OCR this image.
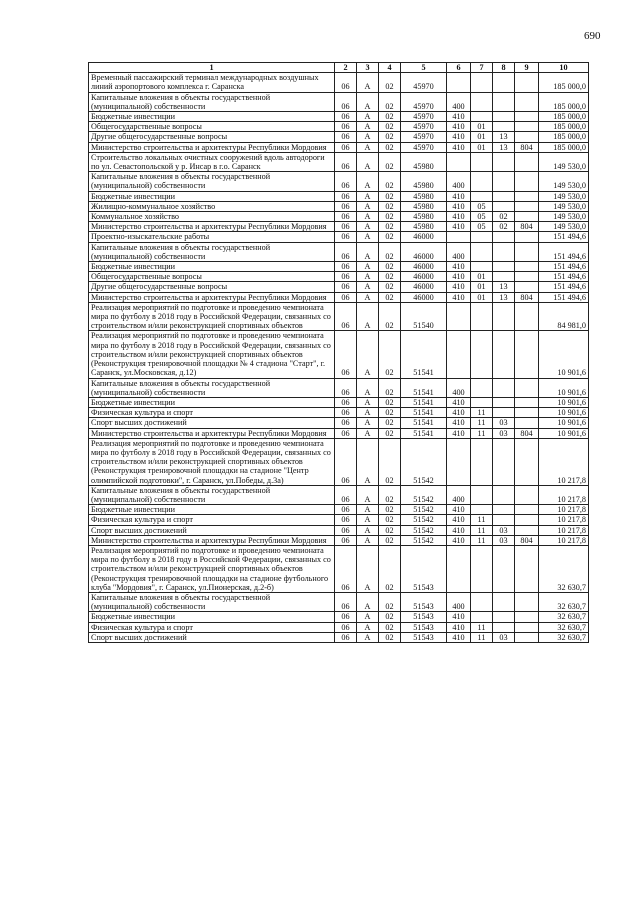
690
1	2	3	4	5	6	7	8	9	10
Временный пассажирский терминал международных воздушных линий аэропортового комплекса г. Саранска	06	А	02	45970					185 000,0
Капитальные вложения в объекты государственной (муниципальной) собственности	06	А	02	45970	400				185 000,0
Бюджетные инвестиции	06	А	02	45970	410				185 000,0
Общегосударственные вопросы	06	А	02	45970	410	01			185 000,0
Другие общегосударственные вопросы	06	А	02	45970	410	01	13		185 000,0
Министерство строительства и архитектуры Республики Мордовия	06	А	02	45970	410	01	13	804	185 000,0
Строительство локальных очистных сооружений вдоль автодороги по ул. Севастопольской у р. Инсар в г.о. Саранск	06	А	02	45980					149 530,0
Капитальные вложения в объекты государственной (муниципальной) собственности	06	А	02	45980	400				149 530,0
Бюджетные инвестиции	06	А	02	45980	410				149 530,0
Жилищно-коммунальное хозяйство	06	А	02	45980	410	05			149 530,0
Коммунальное хозяйство	06	А	02	45980	410	05	02		149 530,0
Министерство строительства и архитектуры Республики Мордовия	06	А	02	45980	410	05	02	804	149 530,0
Проектно-изыскательские работы	06	А	02	46000					151 494,6
Капитальные вложения в объекты государственной (муниципальной) собственности	06	А	02	46000	400				151 494,6
Бюджетные инвестиции	06	А	02	46000	410				151 494,6
Общегосударственные вопросы	06	А	02	46000	410	01			151 494,6
Другие общегосударственные вопросы	06	А	02	46000	410	01	13		151 494,6
Министерство строительства и архитектуры Республики Мордовия	06	А	02	46000	410	01	13	804	151 494,6
Реализация мероприятий по подготовке и проведению чемпионата мира по футболу в 2018 году в Российской Федерации, связанных со строительством и/или реконструкцией спортивных объектов	06	А	02	51540					84 981,0
Реализация мероприятий по подготовке и проведению чемпионата мира по футболу в 2018 году в Российской Федерации, связанных со строительством и/или реконструкцией спортивных объектов (Реконструкция тренировочной площадки № 4 стадиона "Старт", г. Саранск, ул.Московская, д.12)	06	А	02	51541					10 901,6
Капитальные вложения в объекты государственной (муниципальной) собственности	06	А	02	51541	400				10 901,6
Бюджетные инвестиции	06	А	02	51541	410				10 901,6
Физическая культура и спорт	06	А	02	51541	410	11			10 901,6
Спорт высших достижений	06	А	02	51541	410	11	03		10 901,6
Министерство строительства и архитектуры Республики Мордовия	06	А	02	51541	410	11	03	804	10 901,6
Реализация мероприятий по подготовке и проведению чемпионата мира по футболу в 2018 году в Российской Федерации, связанных со строительством и/или реконструкцией спортивных объектов (Реконструкция тренировочной площадки на стадионе "Центр олимпийской подготовки", г. Саранск, ул.Победы, д.3а)	06	А	02	51542					10 217,8
Капитальные вложения в объекты государственной (муниципальной) собственности	06	А	02	51542	400				10 217,8
Бюджетные инвестиции	06	А	02	51542	410				10 217,8
Физическая культура и спорт	06	А	02	51542	410	11			10 217,8
Спорт высших достижений	06	А	02	51542	410	11	03		10 217,8
Министерство строительства и архитектуры Республики Мордовия	06	А	02	51542	410	11	03	804	10 217,8
Реализация мероприятий по подготовке и проведению чемпионата мира по футболу в 2018 году в Российской Федерации, связанных со строительством и/или реконструкцией спортивных объектов (Реконструкция тренировочной площадки на стадионе футбольного клуба "Мордовия", г. Саранск, ул.Пионерская, д.2-б)	06	А	02	51543					32 630,7
Капитальные вложения в объекты государственной (муниципальной) собственности	06	А	02	51543	400				32 630,7
Бюджетные инвестиции	06	А	02	51543	410				32 630,7
Физическая культура и спорт	06	А	02	51543	410	11			32 630,7
Спорт высших достижений	06	А	02	51543	410	11	03		32 630,7
